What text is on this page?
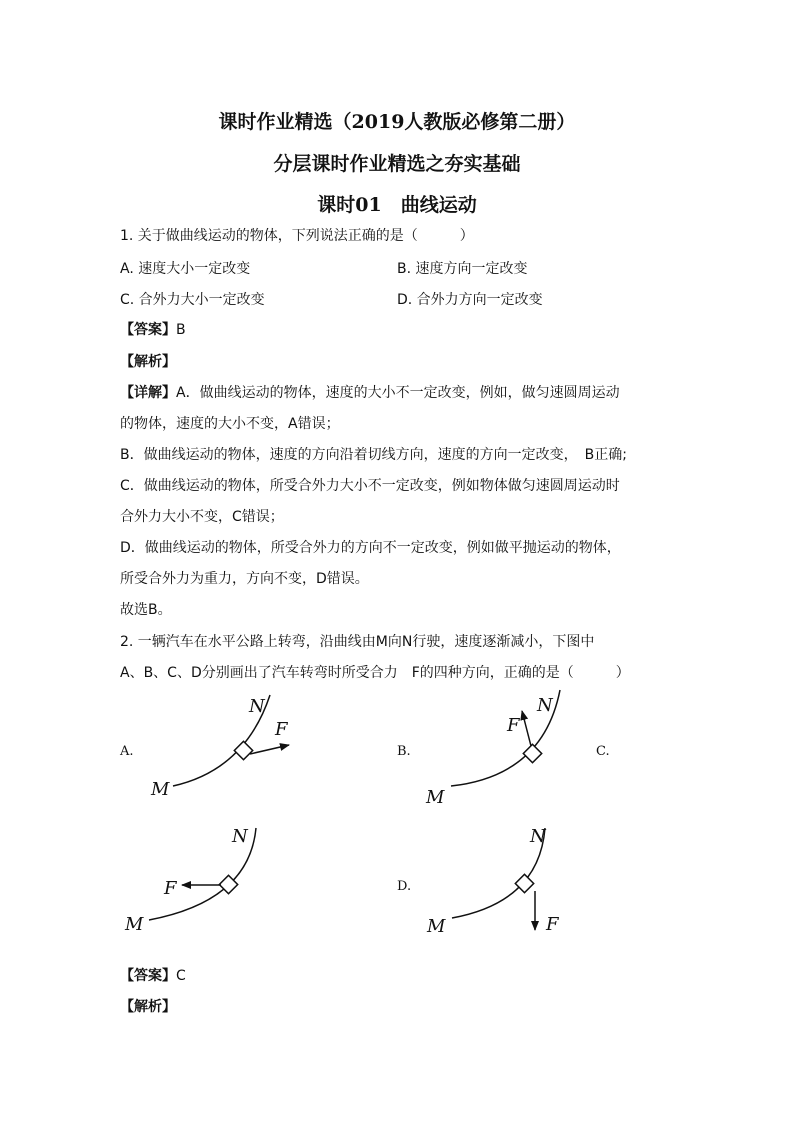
课时作业精选（2019人教版必修第二册）
分层课时作业精选之夯实基础
课时01　曲线运动
1. 关于做曲线运动的物体，下列说法正确的是（　　　）
A. 速度大小一定改变	B. 速度方向一定改变
C. 合外力大小一定改变	D. 合外力方向一定改变
【答案】B
【解析】
【详解】A．做曲线运动的物体，速度的大小不一定改变，例如，做匀速圆周运动
的物体，速度的大小不变，A错误；
B．做曲线运动的物体，速度的方向沿着切线方向，速度的方向一定改变，　B正确;
C．做曲线运动的物体，所受合外力大小不一定改变，例如物体做匀速圆周运动时
合外力大小不变，C错误；
D．做曲线运动的物体，所受合外力的方向不一定改变，例如做平抛运动的物体，
所受合外力为重力，方向不变，D错误。
故选B。
2. 一辆汽车在水平公路上转弯，沿曲线由M向N行驶，速度逐渐减小，下图中
A、B、C、D分别画出了汽车转弯时所受合力　F的四种方向，正确的是（　　　）
A.	B.	C.
D.
M
N
F
M
N
F
M
N
F
M
N
F
【答案】C
【解析】
